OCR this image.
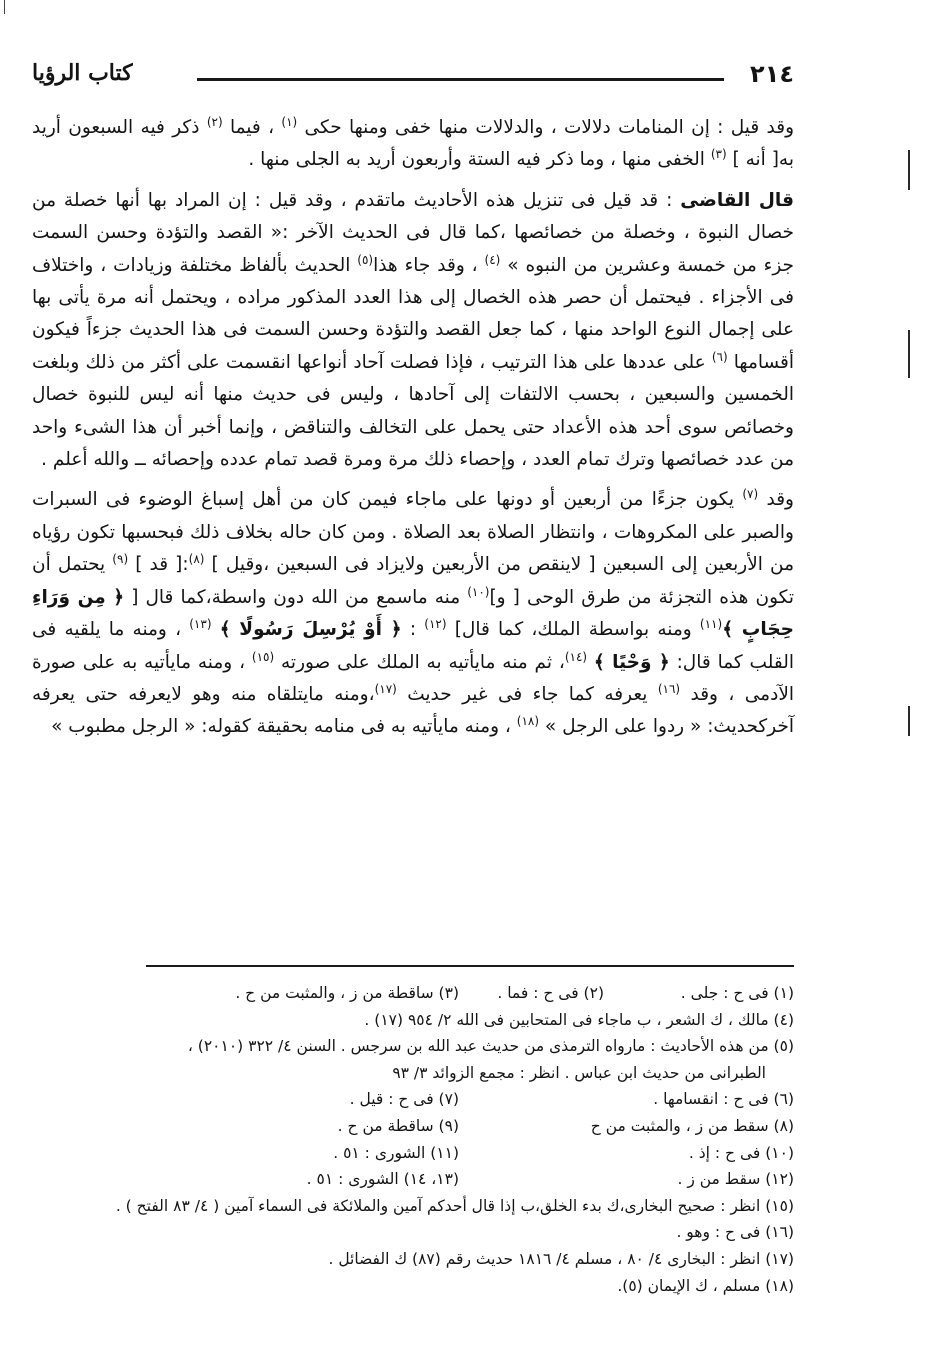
٢١٤
كتاب الرؤيا

وقد قيل : إن المنامات دلالات ، والدلالات منها خفى ومنها حكى $^{(١)}$ ، فيما $^{(٢)}$ ذكر فيه السبعون أريد به[ أنه ] $^{(٣)}$ الخفى منها ، وما ذكر فيه الستة وأربعون أريد به الجلى منها .

قال القاضى : قد قيل فى تنزيل هذه الأحاديث ماتقدم ، وقد قيل : إن المراد بها أنها خصلة من خصال النبوة ، وخصلة من خصائصها ،كما قال فى الحديث الآخر :« القصد والتؤدة وحسن السمت جزء من خمسة وعشرين من النبوه » $^{(٤)}$ ، وقد جاء هذا$^{(٥)}$ الحديث بألفاظ مختلفة وزيادات ، واختلاف فى الأجزاء . فيحتمل أن حصر هذه الخصال إلى هذا العدد المذكور مراده ، ويحتمل أنه مرة يأتى بها على إجمال النوع الواحد منها ، كما جعل القصد والتؤدة وحسن السمت فى هذا الحديث جزءاً فيكون أقسامها $^{(٦)}$ على عددها على هذا الترتيب ، فإذا فصلت آحاد أنواعها انقسمت على أكثر من ذلك وبلغت الخمسين والسبعين ، بحسب الالتفات إلى آحادها ، وليس فى حديث منها أنه ليس للنبوة خصال وخصائص سوى أحد هذه الأعداد حتى يحمل على التخالف والتناقض ، وإنما أخبر أن هذا الشىء واحد من عدد خصائصها وترك تمام العدد ، وإحصاء ذلك مرة ومرة قصد تمام عدده وإحصائه ــ والله أعلم .

وقد $^{(٧)}$ يكون جزءًا من أربعين أو دونها على ماجاء فيمن كان من أهل إسباغ الوضوء فى السبرات والصبر على المكروهات ، وانتظار الصلاة بعد الصلاة . ومن كان حاله بخلاف ذلك فبحسبها تكون رؤياه من الأربعين إلى السبعين [ لاينقص من الأربعين ولايزاد فى السبعين ،وقيل ] $^{(٨)}$:[ قد ] $^{(٩)}$ يحتمل أن تكون هذه التجزئة من طرق الوحى [ و]$^{(١٠)}$ منه ماسمع من الله دون واسطة،كما قال [ ﴿ مِن وَرَاءِ حِجَابٍ ﴾$^{(١١)}$ ومنه بواسطة الملك، كما قال] $^{(١٢)}$ : ﴿ أَوْ يُرْسِلَ رَسُولًا ﴾ $^{(١٣)}$ ، ومنه ما يلقيه فى القلب كما قال: ﴿ وَحْيًا ﴾ $^{(١٤)}$، ثم منه مايأتيه به الملك على صورته $^{(١٥)}$ ، ومنه مايأتيه به على صورة الآدمى ، وقد $^{(١٦)}$ يعرفه كما جاء فى غير حديث $^{(١٧)}$،ومنه مايتلقاه منه وهو لايعرفه حتى يعرفه آخركحديث: « ردوا على الرجل » $^{(١٨)}$ ، ومنه مايأتيه به فى منامه بحقيقة كقوله: « الرجل مطبوب »

(١) فى ح : جلى .
(٢) فى ح : فما .
(٣) ساقطة من ز ، والمثبت من ح .
(٤) مالك ، ك الشعر ، ب ماجاء فى المتحابين فى الله ٢/ ٩٥٤ (١٧) .
(٥) من هذه الأحاديث : مارواه الترمذى من حديث عبد الله بن سرجس . السنن ٤/ ٣٢٢ (٢٠١٠) ،
الطبرانى من حديث ابن عباس . انظر : مجمع الزوائد ٣/ ٩٣
(٦) فى ح : انقسامها .
(٧) فى ح : قيل .
(٨) سقط من ز ، والمثبت من ح
(٩) ساقطة من ح .
(١٠) فى ح : إذ .
(١١) الشورى : ٥١ .
(١٢) سقط من ز .
(١٣، ١٤) الشورى : ٥١ .
(١٥) انظر : صحيح البخارى،ك بدء الخلق،ب إذا قال أحدكم آمين والملائكة فى السماء آمين ( ٤/ ٨٣ الفتح ) .
(١٦) فى ح : وهو .
(١٧) انظر : البخارى ٤/ ٨٠ ، مسلم ٤/ ١٨١٦ حديث رقم (٨٧) ك الفضائل .
(١٨) مسلم ، ك الإيمان (٥).
